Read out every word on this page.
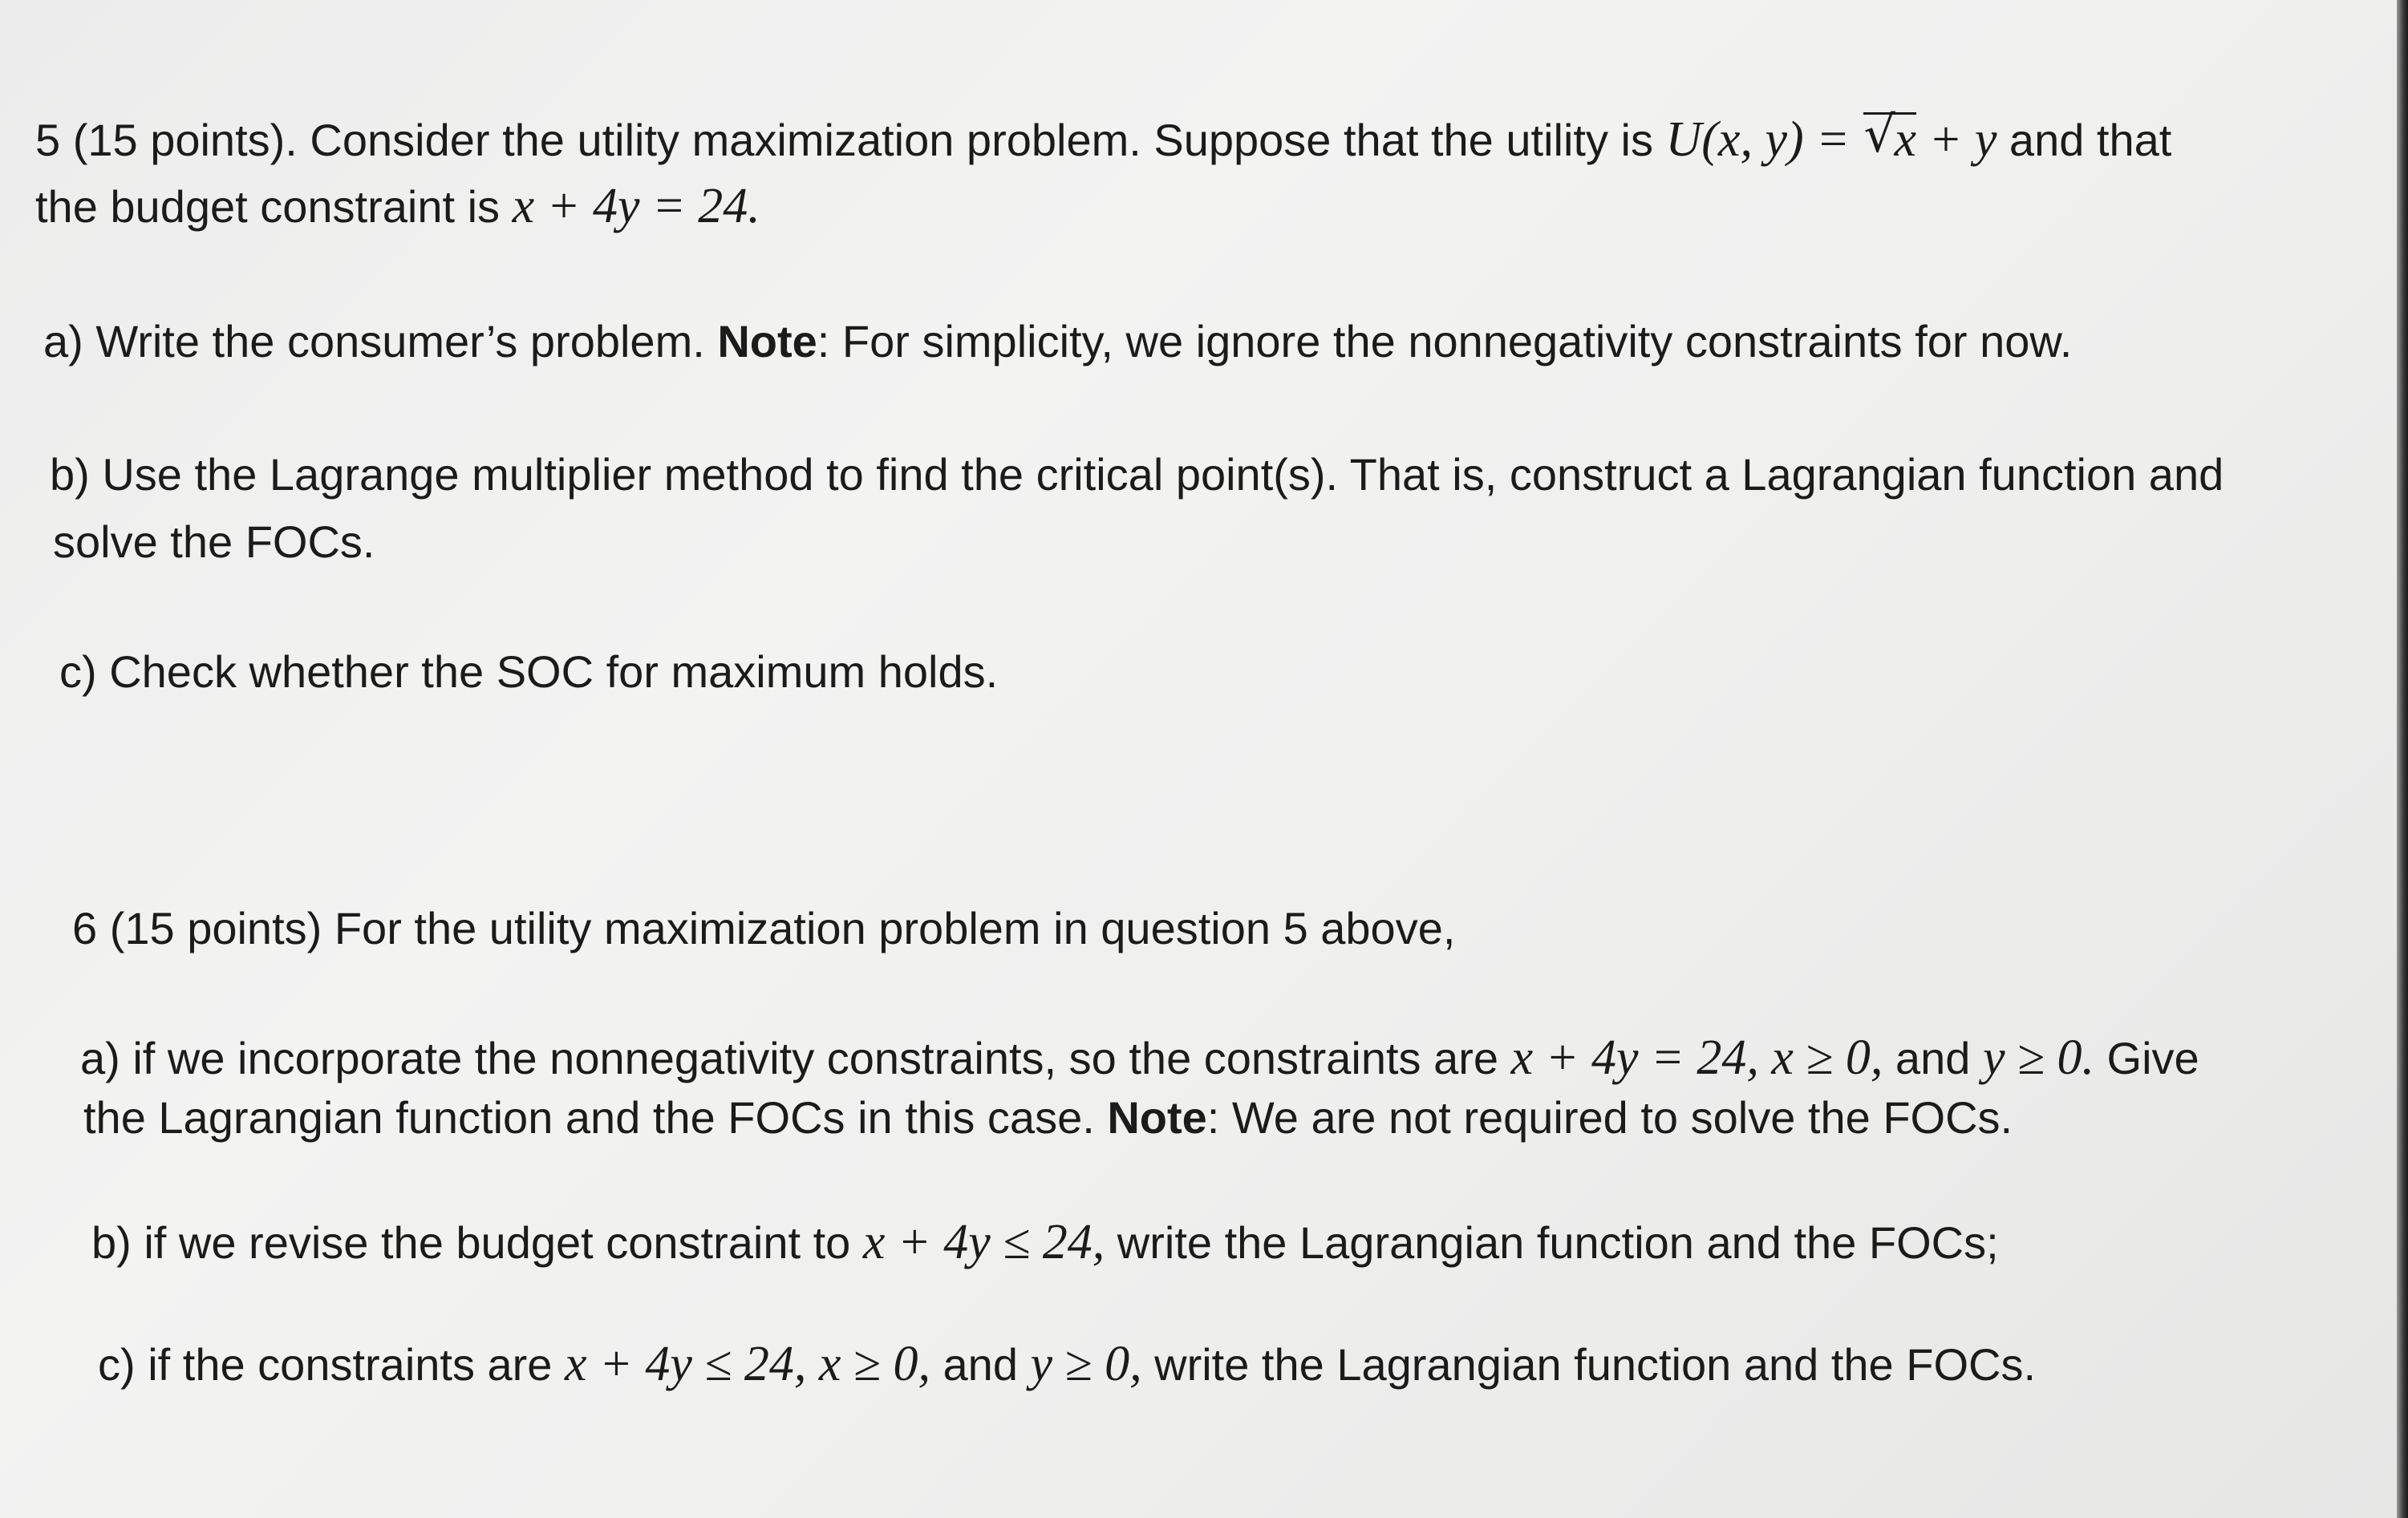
5 (15 points). Consider the utility maximization problem. Suppose that the utility is U(x, y) = √ x + y and that
the budget constraint is x + 4y = 24.
a) Write the consumer’s problem. Note: For simplicity, we ignore the nonnegativity constraints for now.
b) Use the Lagrange multiplier method to find the critical point(s). That is, construct a Lagrangian function and
solve the FOCs.
c) Check whether the SOC for maximum holds.
6 (15 points) For the utility maximization problem in question 5 above,
a) if we incorporate the nonnegativity constraints, so the constraints are x + 4y = 24, x ≥ 0, and y ≥ 0. Give
the Lagrangian function and the FOCs in this case. Note: We are not required to solve the FOCs.
b) if we revise the budget constraint to x + 4y ≤ 24, write the Lagrangian function and the FOCs;
c) if the constraints are x + 4y ≤ 24, x ≥ 0, and y ≥ 0, write the Lagrangian function and the FOCs.
